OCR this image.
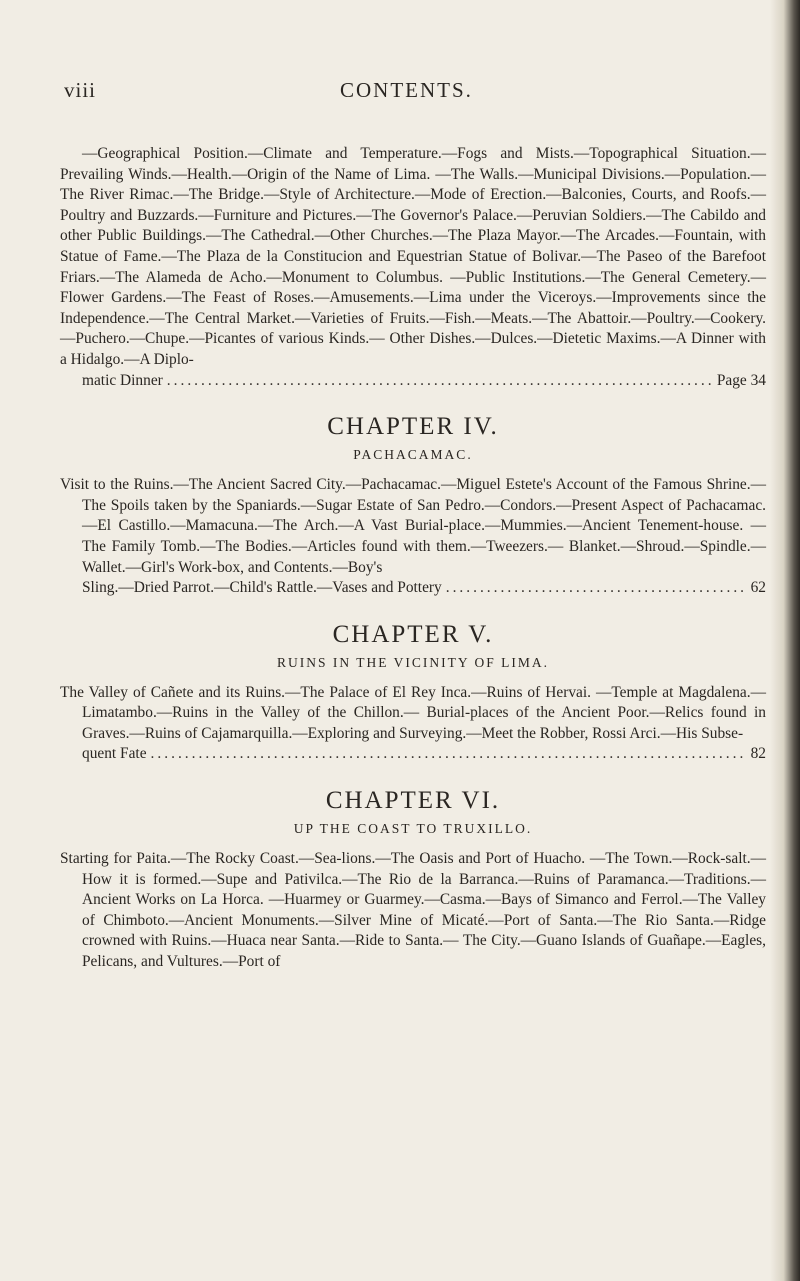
viii	CONTENTS.

—Geographical Position.—Climate and Temperature.—Fogs and Mists.—Topographical Situation.—Prevailing Winds.—Health.—Origin of the Name of Lima. —The Walls.—Municipal Divisions.—Population.—The River Rimac.—The Bridge.—Style of Architecture.—Mode of Erection.—Balconies, Courts, and Roofs.—Poultry and Buzzards.—Furniture and Pictures.—The Governor's Palace.—Peruvian Soldiers.—The Cabildo and other Public Buildings.—The Cathedral.—Other Churches.—The Plaza Mayor.—The Arcades.—Fountain, with Statue of Fame.—The Plaza de la Constitucion and Equestrian Statue of Bolivar.—The Paseo of the Barefoot Friars.—The Alameda de Acho.—Monument to Columbus. —Public Institutions.—The General Cemetery.—Flower Gardens.—The Feast of Roses.—Amusements.—Lima under the Viceroys.—Improvements since the Independence.—The Central Market.—Varieties of Fruits.—Fish.—Meats.—The Abattoir.—Poultry.—Cookery.—Puchero.—Chupe.—Picantes of various Kinds.— Other Dishes.—Dulces.—Dietetic Maxims.—A Dinner with a Hidalgo.—A Diplo-

matic Dinner .....	Page 34
CHAPTER IV.
PACHACAMAC.

Visit to the Ruins.—The Ancient Sacred City.—Pachacamac.—Miguel Estete's Account of the Famous Shrine.—The Spoils taken by the Spaniards.—Sugar Estate of San Pedro.—Condors.—Present Aspect of Pachacamac.—El Castillo.—Mamacuna.—The Arch.—A Vast Burial-place.—Mummies.—Ancient Tenement-house. —The Family Tomb.—The Bodies.—Articles found with them.—Tweezers.— Blanket.—Shroud.—Spindle.—Wallet.—Girl's Work-box, and Contents.—Boy's

Sling.—Dried Parrot.—Child's Rattle.—Vases and Pottery .....	62
CHAPTER V.
RUINS IN THE VICINITY OF LIMA.

The Valley of Cañete and its Ruins.—The Palace of El Rey Inca.—Ruins of Hervai. —Temple at Magdalena.—Limatambo.—Ruins in the Valley of the Chillon.— Burial-places of the Ancient Poor.—Relics found in Graves.—Ruins of Cajamarquilla.—Exploring and Surveying.—Meet the Robber, Rossi Arci.—His Subse-

quent Fate .....	82
CHAPTER VI.
UP THE COAST TO TRUXILLO.

Starting for Paita.—The Rocky Coast.—Sea-lions.—The Oasis and Port of Huacho. —The Town.—Rock-salt.—How it is formed.—Supe and Pativilca.—The Rio de la Barranca.—Ruins of Paramanca.—Traditions.—Ancient Works on La Horca. —Huarmey or Guarmey.—Casma.—Bays of Simanco and Ferrol.—The Valley of Chimboto.—Ancient Monuments.—Silver Mine of Micaté.—Port of Santa.—The Rio Santa.—Ridge crowned with Ruins.—Huaca near Santa.—Ride to Santa.— The City.—Guano Islands of Guañape.—Eagles, Pelicans, and Vultures.—Port of
